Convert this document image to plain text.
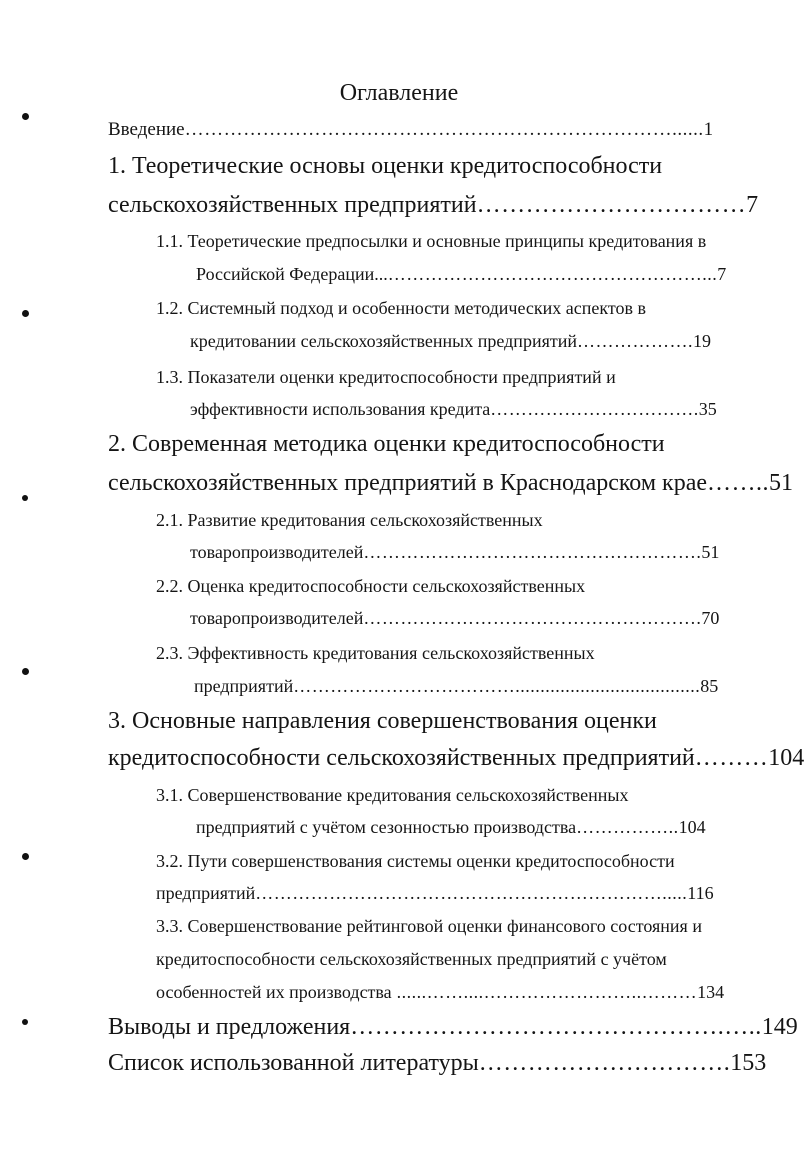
Оглавление
Введение…………………………………………………………………......1
1. Теоретические основы оценки кредитоспособности
сельскохозяйственных предприятий……………………………7
1.1. Теоретические предпосылки и основные принципы кредитования в
Российской Федерации...……………………………………………...7
1.2. Системный подход и особенности методических аспектов в
кредитовании сельскохозяйственных предприятий……………….19
1.3. Показатели оценки кредитоспособности предприятий и
эффективности использования кредита…………………………….35
2. Современная методика оценки кредитоспособности
сельскохозяйственных предприятий в Краснодарском крае……..51
2.1. Развитие кредитования сельскохозяйственных
товаропроизводителей……………………………………………….51
2.2. Оценка кредитоспособности сельскохозяйственных
товаропроизводителей……………………………………………….70
2.3. Эффективность кредитования сельскохозяйственных
предприятий……………………………….....................................85
3. Основные направления совершенствования оценки
кредитоспособности сельскохозяйственных предприятий………104
3.1. Совершенствование кредитования сельскохозяйственных
предприятий с учётом сезонностью производства……………..104
3.2. Пути совершенствования системы оценки кредитоспособности
предприятий………………………………………………………….....116
3.3. Совершенствование рейтинговой оценки финансового состояния и
кредитоспособности сельскохозяйственных предприятий с учётом
особенностей их производства ......……....……………………..………134
Выводы и предложения……………………………………….…..149
Список использованной литературы………………………….153
